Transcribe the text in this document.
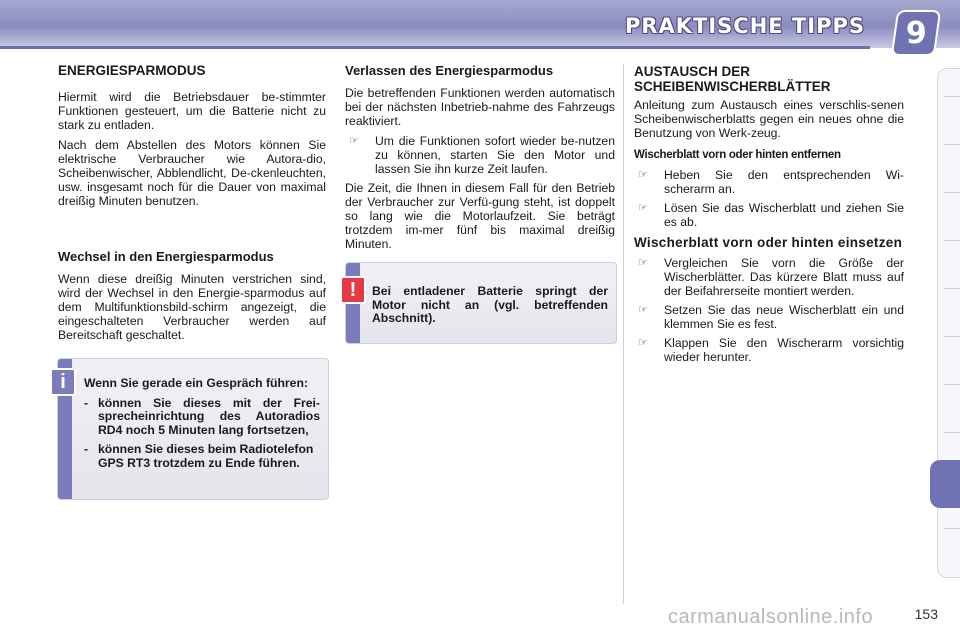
PRAKTISCHE TIPPS 9
ENERGIESPARMODUS

Hiermit wird die Betriebsdauer be-stimmter Funktionen gesteuert, um die Batterie nicht zu stark zu entladen.

Nach dem Abstellen des Motors können Sie elektrische Verbraucher wie Autora-dio, Scheibenwischer, Abblendlicht, De-ckenleuchten, usw. insgesamt noch für die Dauer von maximal dreißig Minuten benutzen.

Wechsel in den Energiesparmodus

Wenn diese dreißig Minuten verstrichen sind, wird der Wechsel in den Energie-sparmodus auf dem Multifunktionsbild-schirm angezeigt, die eingeschalteten Verbraucher werden auf Bereitschaft geschaltet.

Wenn Sie gerade ein Gespräch führen:
- können Sie dieses mit der Frei-sprecheinrichtung des Autoradios RD4 noch 5 Minuten lang fortsetzen,
- können Sie dieses beim Radiotelefon GPS RT3 trotzdem zu Ende führen.
i
Verlassen des Energiesparmodus

Die betreffenden Funktionen werden automatisch bei der nächsten Inbetrieb-nahme des Fahrzeugs reaktiviert.

☞	Um die Funktionen sofort wieder be-nutzen zu können, starten Sie den Motor und lassen Sie ihn kurze Zeit laufen.

Die Zeit, die Ihnen in diesem Fall für den Betrieb der Verbraucher zur Verfü-gung steht, ist doppelt so lang wie die Motorlaufzeit. Sie beträgt trotzdem im-mer fünf bis maximal dreißig Minuten.

Bei entladener Batterie springt der Motor nicht an (vgl. betreffenden Abschnitt).
!
AUSTAUSCH DER SCHEIBENWISCHERBLÄTTER

Anleitung zum Austausch eines verschlis-senen Scheibenwischerblatts gegen ein neues ohne die Benutzung von Werk-zeug.

Wischerblatt vorn oder hinten entfernen
☞	Heben Sie den entsprechenden Wi-scherarm an.
☞	Lösen Sie das Wischerblatt und ziehen Sie es ab.
Wischerblatt vorn oder hinten einsetzen
☞	Vergleichen Sie vorn die Größe der Wischerblätter. Das kürzere Blatt muss auf der Beifahrerseite montiert werden.
☞	Setzen Sie das neue Wischerblatt ein und klemmen Sie es fest.
☞	Klappen Sie den Wischerarm vorsichtig wieder herunter.
carmanualsonline.info	153
